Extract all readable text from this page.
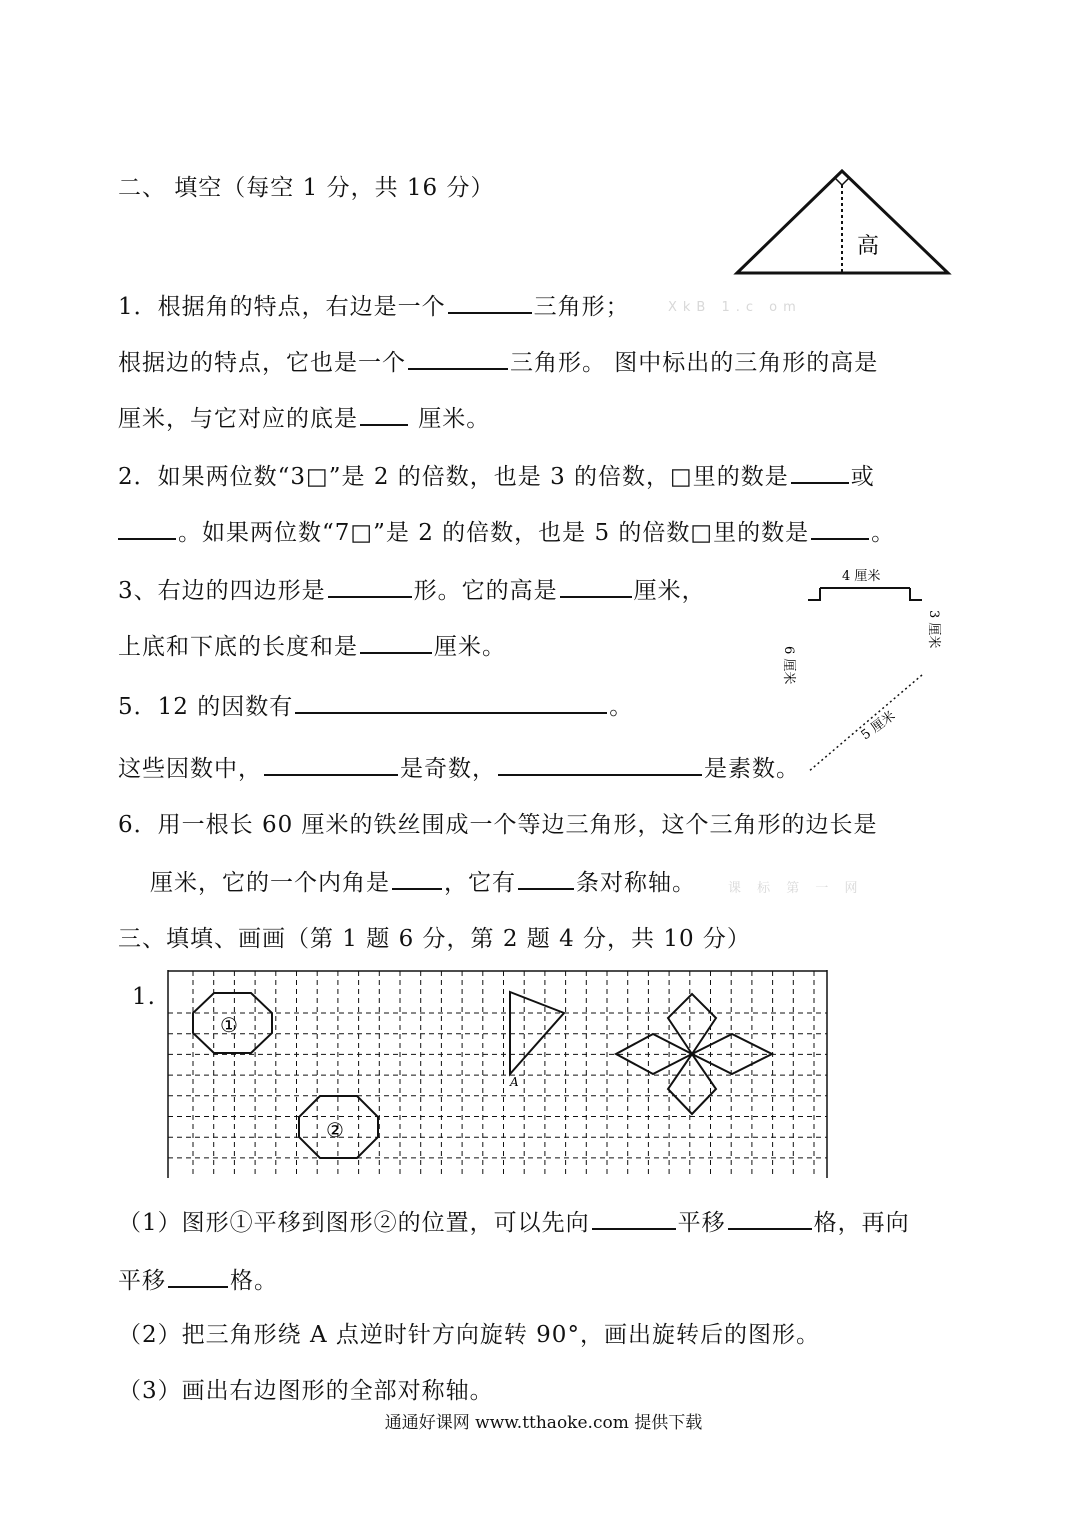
二、 填空（每空 1 分，共 16 分）
高
1．根据角的特点，右边是一个	三角形；	XkB 1.c om
根据边的特点，它也是一个	三角形。 图中标出的三角形的高是
厘米，与它对应的底是 厘米。
2．如果两位数“3□”是 2 的倍数，也是 3 的倍数，□里的数是	或
。如果两位数“7□”是 2 的倍数，也是 5 的倍数□里的数是	。
3、右边的四边形是	形。它的高是	厘米，
上底和下底的长度和是	厘米。
4 厘米
3 厘米
6 厘米
5 厘米
5．12 的因数有	。
这些因数中，	是奇数，	是素数。
6．用一根长 60 厘米的铁丝围成一个等边三角形，这个三角形的边长是
厘米，它的一个内角是 ，它有	条对称轴。 课 标 第 一 网
三、填填、画画（第 1 题 6 分，第 2 题 4 分，共 10 分）
1.
①
②
A
（1）图形①平移到图形②的位置，可以先向	平移	格，再向
平移	格。
（2）把三角形绕 A 点逆时针方向旋转 90°，画出旋转后的图形。
（3）画出右边图形的全部对称轴。
通通好课网 www.tthaoke.com 提供下载
